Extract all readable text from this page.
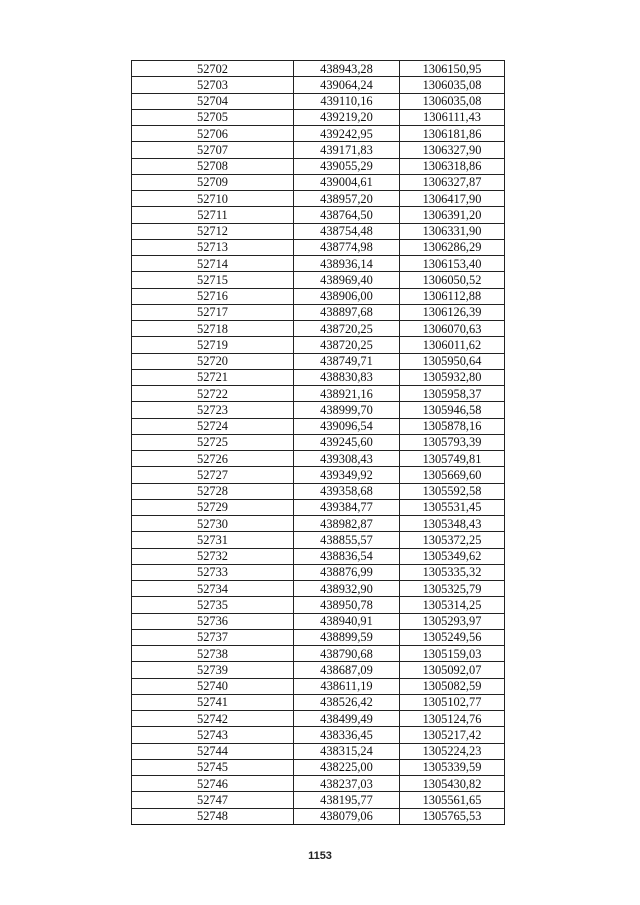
52702	438943,28	1306150,95
52703	439064,24	1306035,08
52704	439110,16	1306035,08
52705	439219,20	1306111,43
52706	439242,95	1306181,86
52707	439171,83	1306327,90
52708	439055,29	1306318,86
52709	439004,61	1306327,87
52710	438957,20	1306417,90
52711	438764,50	1306391,20
52712	438754,48	1306331,90
52713	438774,98	1306286,29
52714	438936,14	1306153,40
52715	438969,40	1306050,52
52716	438906,00	1306112,88
52717	438897,68	1306126,39
52718	438720,25	1306070,63
52719	438720,25	1306011,62
52720	438749,71	1305950,64
52721	438830,83	1305932,80
52722	438921,16	1305958,37
52723	438999,70	1305946,58
52724	439096,54	1305878,16
52725	439245,60	1305793,39
52726	439308,43	1305749,81
52727	439349,92	1305669,60
52728	439358,68	1305592,58
52729	439384,77	1305531,45
52730	438982,87	1305348,43
52731	438855,57	1305372,25
52732	438836,54	1305349,62
52733	438876,99	1305335,32
52734	438932,90	1305325,79
52735	438950,78	1305314,25
52736	438940,91	1305293,97
52737	438899,59	1305249,56
52738	438790,68	1305159,03
52739	438687,09	1305092,07
52740	438611,19	1305082,59
52741	438526,42	1305102,77
52742	438499,49	1305124,76
52743	438336,45	1305217,42
52744	438315,24	1305224,23
52745	438225,00	1305339,59
52746	438237,03	1305430,82
52747	438195,77	1305561,65
52748	438079,06	1305765,53
1153
